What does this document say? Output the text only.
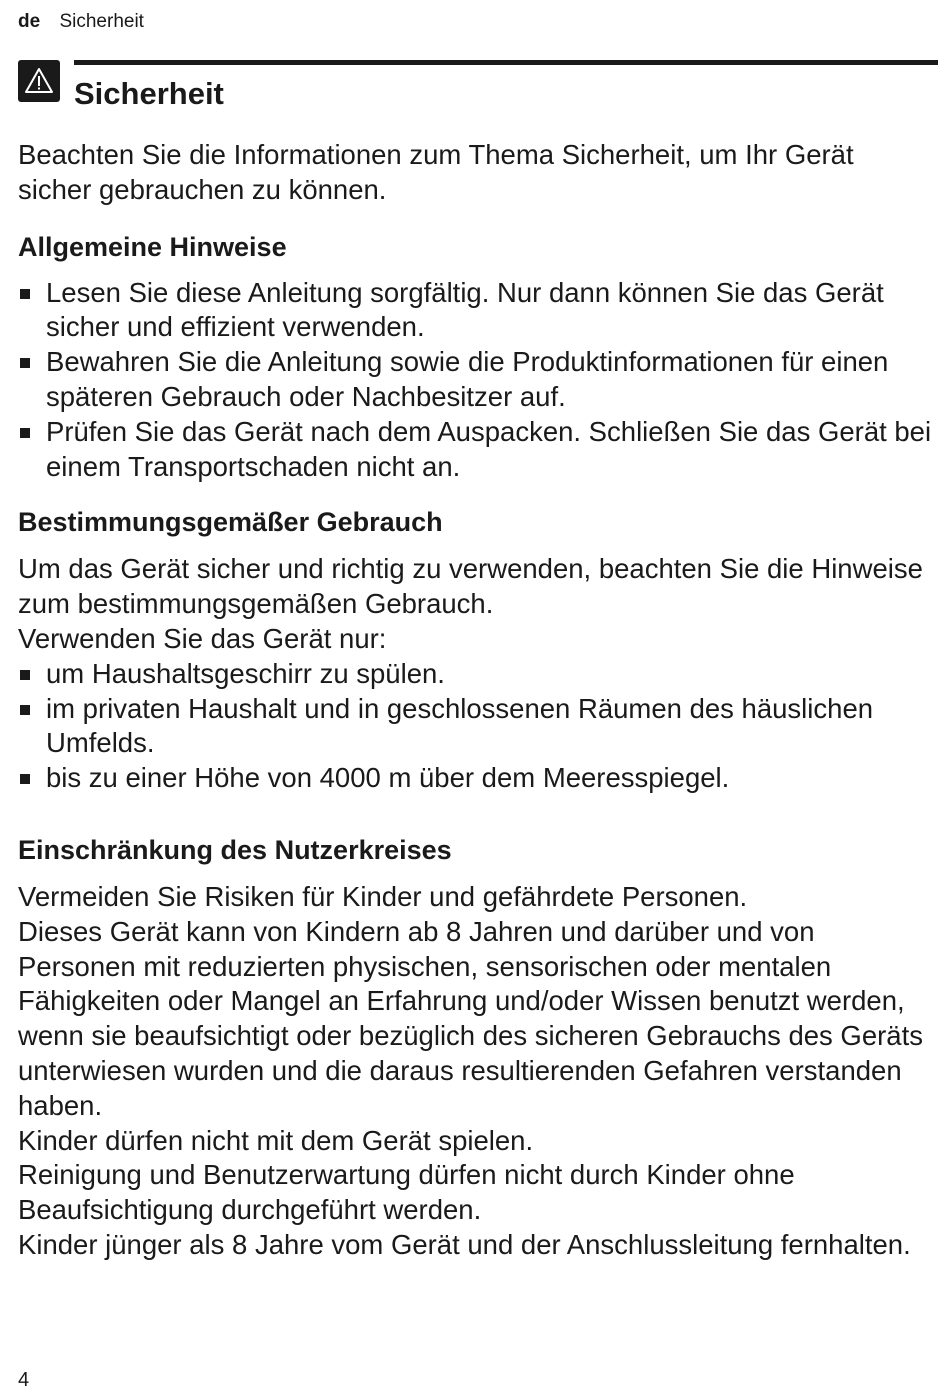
de Sicherheit
Sicherheit

Beachten Sie die Informationen zum Thema Sicherheit, um Ihr Gerät sicher gebrauchen zu können.

Allgemeine Hinweise
Lesen Sie diese Anleitung sorgfältig. Nur dann können Sie das Gerät sicher und effizient verwenden.
Bewahren Sie die Anleitung sowie die Produktinformationen für einen späteren Gebrauch oder Nachbesitzer auf.
Prüfen Sie das Gerät nach dem Auspacken. Schließen Sie das Gerät bei einem Transportschaden nicht an.
Bestimmungsgemäßer Gebrauch

Um das Gerät sicher und richtig zu verwenden, beachten Sie die Hinweise zum bestimmungsgemäßen Gebrauch.

Verwenden Sie das Gerät nur:

um Haushaltsgeschirr zu spülen.
im privaten Haushalt und in geschlossenen Räumen des häuslichen Umfelds.
bis zu einer Höhe von 4000 m über dem Meeresspiegel.
Einschränkung des Nutzerkreises

Vermeiden Sie Risiken für Kinder und gefährdete Personen.

Dieses Gerät kann von Kindern ab 8 Jahren und darüber und von Personen mit reduzierten physischen, sensorischen oder mentalen Fähigkeiten oder Mangel an Erfahrung und/oder Wissen benutzt werden, wenn sie beaufsichtigt oder bezüglich des sicheren Gebrauchs des Geräts unterwiesen wurden und die daraus resultierenden Gefahren verstanden haben.

Kinder dürfen nicht mit dem Gerät spielen.

Reinigung und Benutzerwartung dürfen nicht durch Kinder ohne Beaufsichtigung durchgeführt werden.

Kinder jünger als 8 Jahre vom Gerät und der Anschlussleitung fernhalten.

4
